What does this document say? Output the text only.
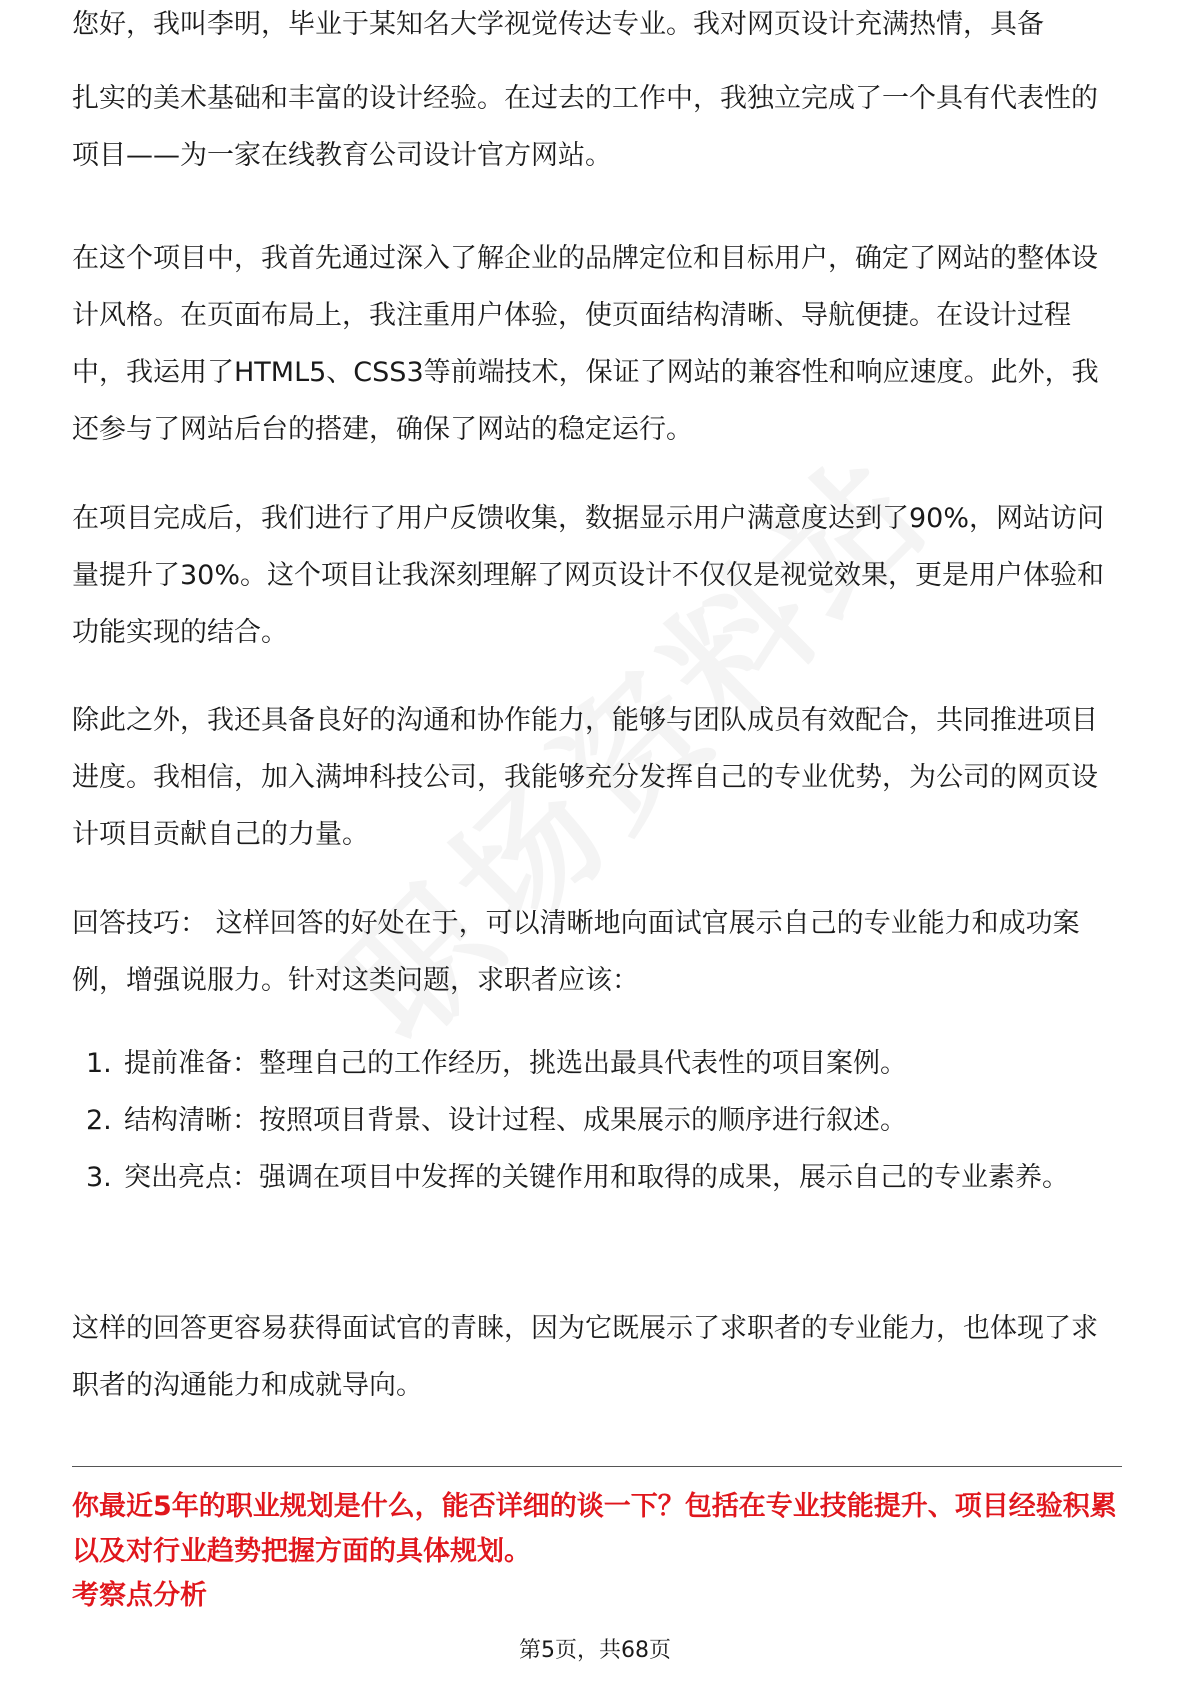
您好，我叫李明，毕业于某知名大学视觉传达专业。我对网页设计充满热情，具备

扎实的美术基础和丰富的设计经验。在过去的工作中，我独立完成了一个具有代表性的项目——为一家在线教育公司设计官方网站。

在这个项目中，我首先通过深入了解企业的品牌定位和目标用户，确定了网站的整体设计风格。在页面布局上，我注重用户体验，使页面结构清晰、导航便捷。在设计过程中，我运用了HTML5、CSS3等前端技术，保证了网站的兼容性和响应速度。此外，我还参与了网站后台的搭建，确保了网站的稳定运行。

在项目完成后，我们进行了用户反馈收集，数据显示用户满意度达到了90%，网站访问量提升了30%。这个项目让我深刻理解了网页设计不仅仅是视觉效果，更是用户体验和功能实现的结合。

除此之外，我还具备良好的沟通和协作能力，能够与团队成员有效配合，共同推进项目进度。我相信，加入满坤科技公司，我能够充分发挥自己的专业优势，为公司的网页设计项目贡献自己的力量。

回答技巧： 这样回答的好处在于，可以清晰地向面试官展示自己的专业能力和成功案例，增强说服力。针对这类问题，求职者应该：

1. 提前准备：整理自己的工作经历，挑选出最具代表性的项目案例。
2. 结构清晰：按照项目背景、设计过程、成果展示的顺序进行叙述。
3. 突出亮点：强调在项目中发挥的关键作用和取得的成果，展示自己的专业素养。

这样的回答更容易获得面试官的青睐，因为它既展示了求职者的专业能力，也体现了求职者的沟通能力和成就导向。

你最近5年的职业规划是什么，能否详细的谈一下？包括在专业技能提升、项目经验积累以及对行业趋势把握方面的具体规划。

考察点分析

第5页，共68页
